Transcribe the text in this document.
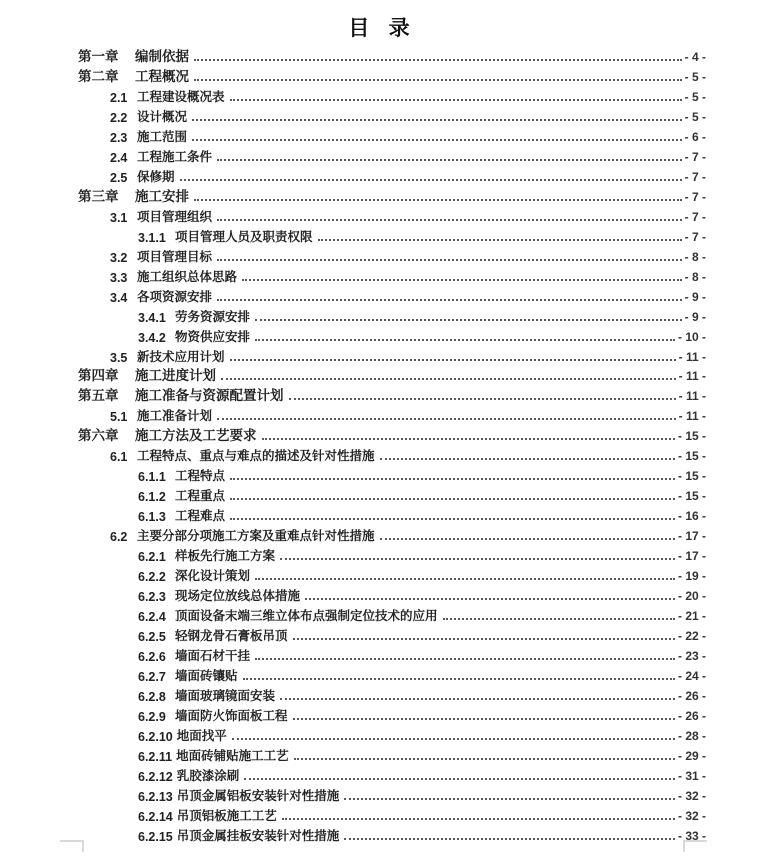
目 录
第一章	编制依据	- 4 -
第二章	工程概况	- 5 -
2.1 工程建设概况表	- 5 -
2.2 设计概况	- 5 -
2.3 施工范围	- 6 -
2.4 工程施工条件	- 7 -
2.5 保修期	- 7 -
第三章	施工安排	- 7 -
3.1 项目管理组织	- 7 -
3.1.1 项目管理人员及职责权限	- 7 -
3.2 项目管理目标	- 8 -
3.3 施工组织总体思路	- 8 -
3.4 各项资源安排	- 9 -
3.4.1 劳务资源安排	- 9 -
3.4.2 物资供应安排	- 10 -
3.5 新技术应用计划	- 11 -
第四章	施工进度计划	- 11 -
第五章	施工准备与资源配置计划	- 11 -
5.1 施工准备计划	- 11 -
第六章	施工方法及工艺要求	- 15 -
6.1 工程特点、重点与难点的描述及针对性措施	- 15 -
6.1.1 工程特点	- 15 -
6.1.2 工程重点	- 15 -
6.1.3 工程难点	- 16 -
6.2 主要分部分项施工方案及重难点针对性措施	- 17 -
6.2.1 样板先行施工方案	- 17 -
6.2.2 深化设计策划	- 19 -
6.2.3 现场定位放线总体措施	- 20 -
6.2.4 顶面设备末端三维立体布点强制定位技术的应用	- 21 -
6.2.5 轻钢龙骨石膏板吊顶	- 22 -
6.2.6 墙面石材干挂	- 23 -
6.2.7 墙面砖镶贴	- 24 -
6.2.8 墙面玻璃镜面安装	- 26 -
6.2.9 墙面防火饰面板工程	- 26 -
6.2.10 地面找平	- 28 -
6.2.11 地面砖铺贴施工工艺	- 29 -
6.2.12 乳胶漆涂刷	- 31 -
6.2.13 吊顶金属铝板安装针对性措施	- 32 -
6.2.14 吊顶铝板施工工艺	- 32 -
6.2.15 吊顶金属挂板安装针对性措施	- 33 -
